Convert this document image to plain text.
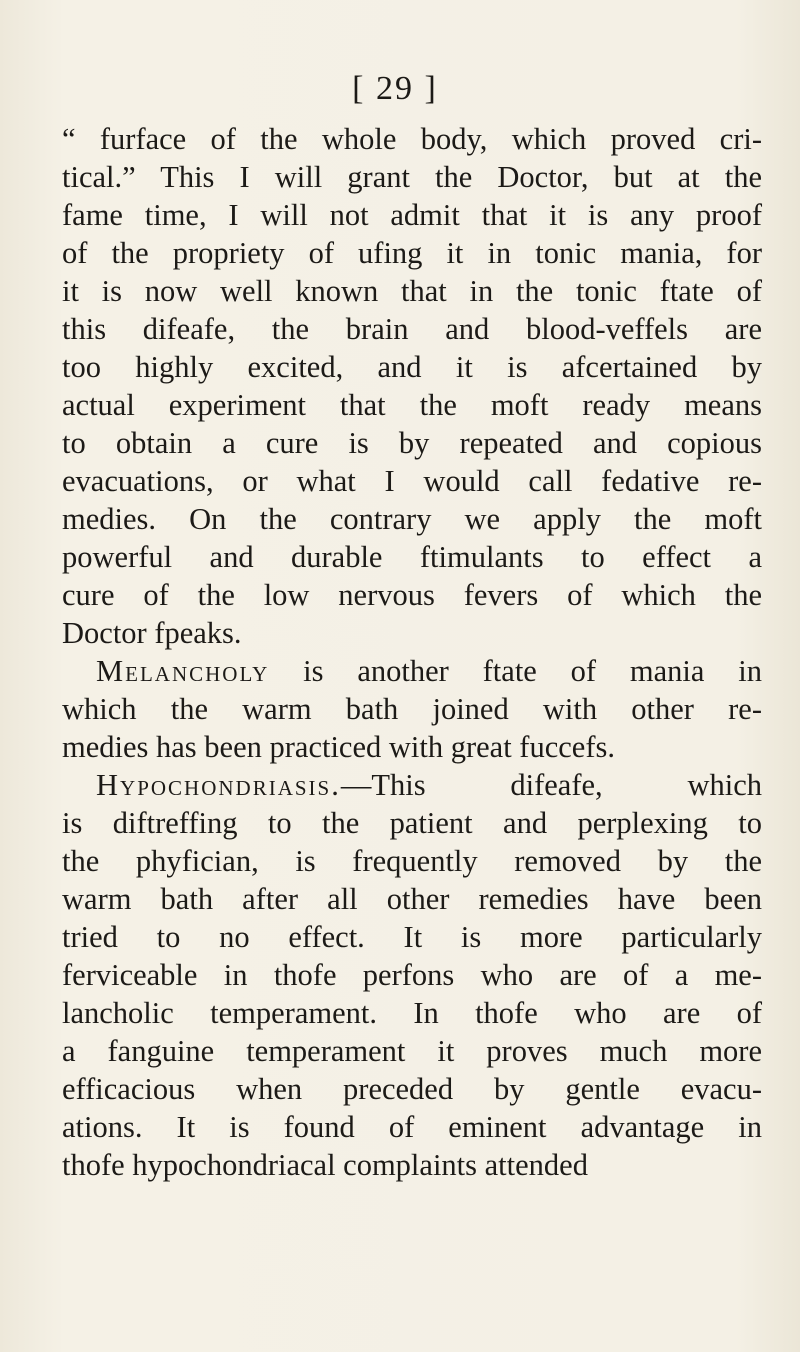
[ 29 ]
“ furface of the whole body, which proved cri-
tical.” This I will grant the Doctor, but at the
fame time, I will not admit that it is any proof
of the propriety of ufing it in tonic mania, for
it is now well known that in the tonic ftate of
this difeafe, the brain and blood-veffels are
too highly excited, and it is afcertained by
actual experiment that the moft ready means
to obtain a cure is by repeated and copious
evacuations, or what I would call fedative re-
medies. On the contrary we apply the moft
powerful and durable ftimulants to effect a
cure of the low nervous fevers of which the
Doctor fpeaks.
Melancholy is another ftate of mania in
which the warm bath joined with other re-
medies has been practiced with great fuccefs.
Hypochondriasis.—This difeafe, which
is diftreffing to the patient and perplexing to
the phyfician, is frequently removed by the
warm bath after all other remedies have been
tried to no effect. It is more particularly
ferviceable in thofe perfons who are of a me-
lancholic temperament. In thofe who are of
a fanguine temperament it proves much more
efficacious when preceded by gentle evacu-
ations. It is found of eminent advantage in
thofe hypochondriacal complaints attended
